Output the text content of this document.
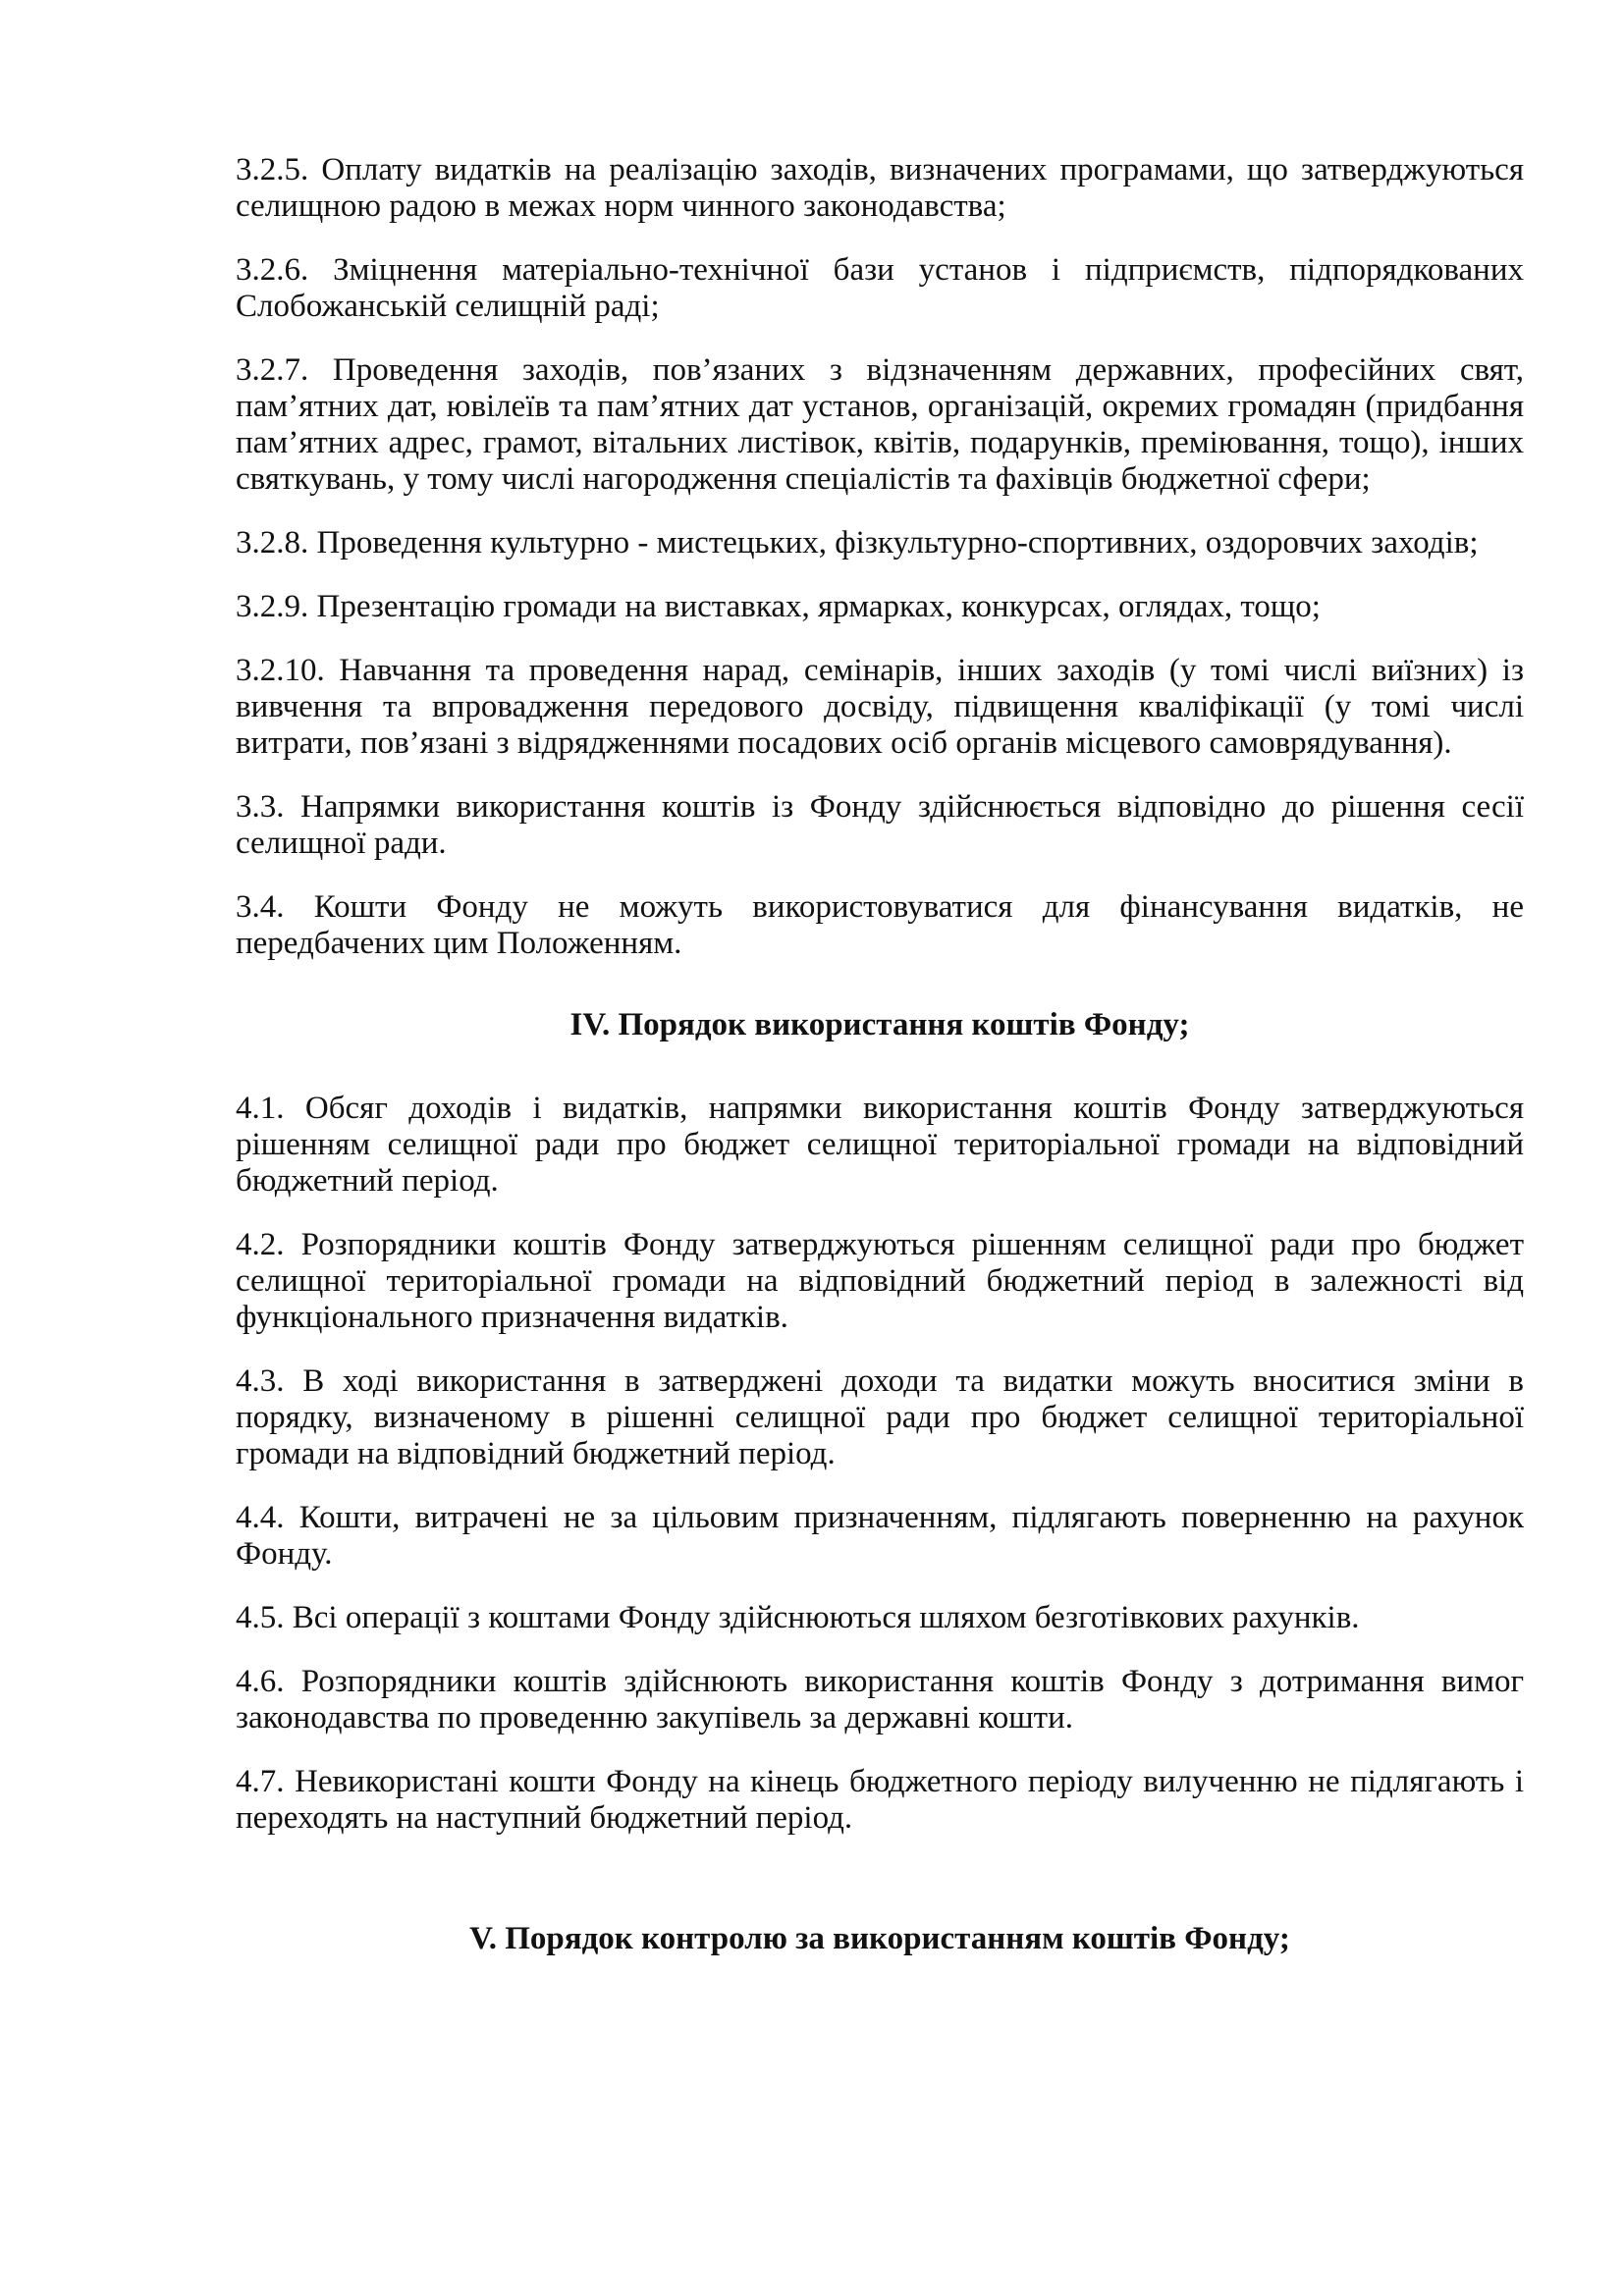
3.2.5. Оплату видатків на реалізацію заходів, визначених програмами, що затверджуються селищною радою в межах норм чинного законодавства;

3.2.6. Зміцнення матеріально-технічної бази установ і підприємств, підпорядкованих Слобожанській селищній раді;

3.2.7. Проведення заходів, пов’язаних з відзначенням державних, професійних свят, пам’ятних дат, ювілеїв та пам’ятних дат установ, організацій, окремих громадян (придбання пам’ятних адрес, грамот, вітальних листівок, квітів, подарунків, преміювання, тощо), інших святкувань, у тому числі нагородження спеціалістів та фахівців бюджетної сфери;

3.2.8. Проведення культурно - мистецьких, фізкультурно-спортивних, оздоровчих заходів;

3.2.9. Презентацію громади на виставках, ярмарках, конкурсах, оглядах, тощо;

3.2.10. Навчання та проведення нарад, семінарів, інших заходів (у томі числі виїзних) із вивчення та впровадження передового досвіду, підвищення кваліфікації (у томі числі витрати, пов’язані з відрядженнями посадових осіб органів місцевого самоврядування).

3.3. Напрямки використання коштів із Фонду здійснюється відповідно до рішення сесії селищної ради.

3.4. Кошти Фонду не можуть використовуватися для фінансування видатків, не передбачених цим Положенням.

IV. Порядок використання коштів Фонду;

4.1. Обсяг доходів і видатків, напрямки використання коштів Фонду затверджуються рішенням селищної ради про бюджет селищної територіальної громади на відповідний бюджетний період.

4.2. Розпорядники коштів Фонду затверджуються рішенням селищної ради про бюджет селищної територіальної громади на відповідний бюджетний період в залежності від функціонального призначення видатків.

4.3. В ході використання в затверджені доходи та видатки можуть вноситися зміни в порядку, визначеному в рішенні селищної ради про бюджет селищної територіальної громади на відповідний бюджетний період.

4.4. Кошти, витрачені не за цільовим призначенням, підлягають поверненню на рахунок Фонду.

4.5. Всі операції з коштами Фонду здійснюються шляхом безготівкових рахунків.

4.6. Розпорядники коштів здійснюють використання коштів Фонду з дотримання вимог законодавства по проведенню закупівель за державні кошти.

4.7. Невикористані кошти Фонду на кінець бюджетного періоду вилученню не підлягають і переходять на наступний бюджетний період.

V. Порядок контролю за використанням коштів Фонду;
